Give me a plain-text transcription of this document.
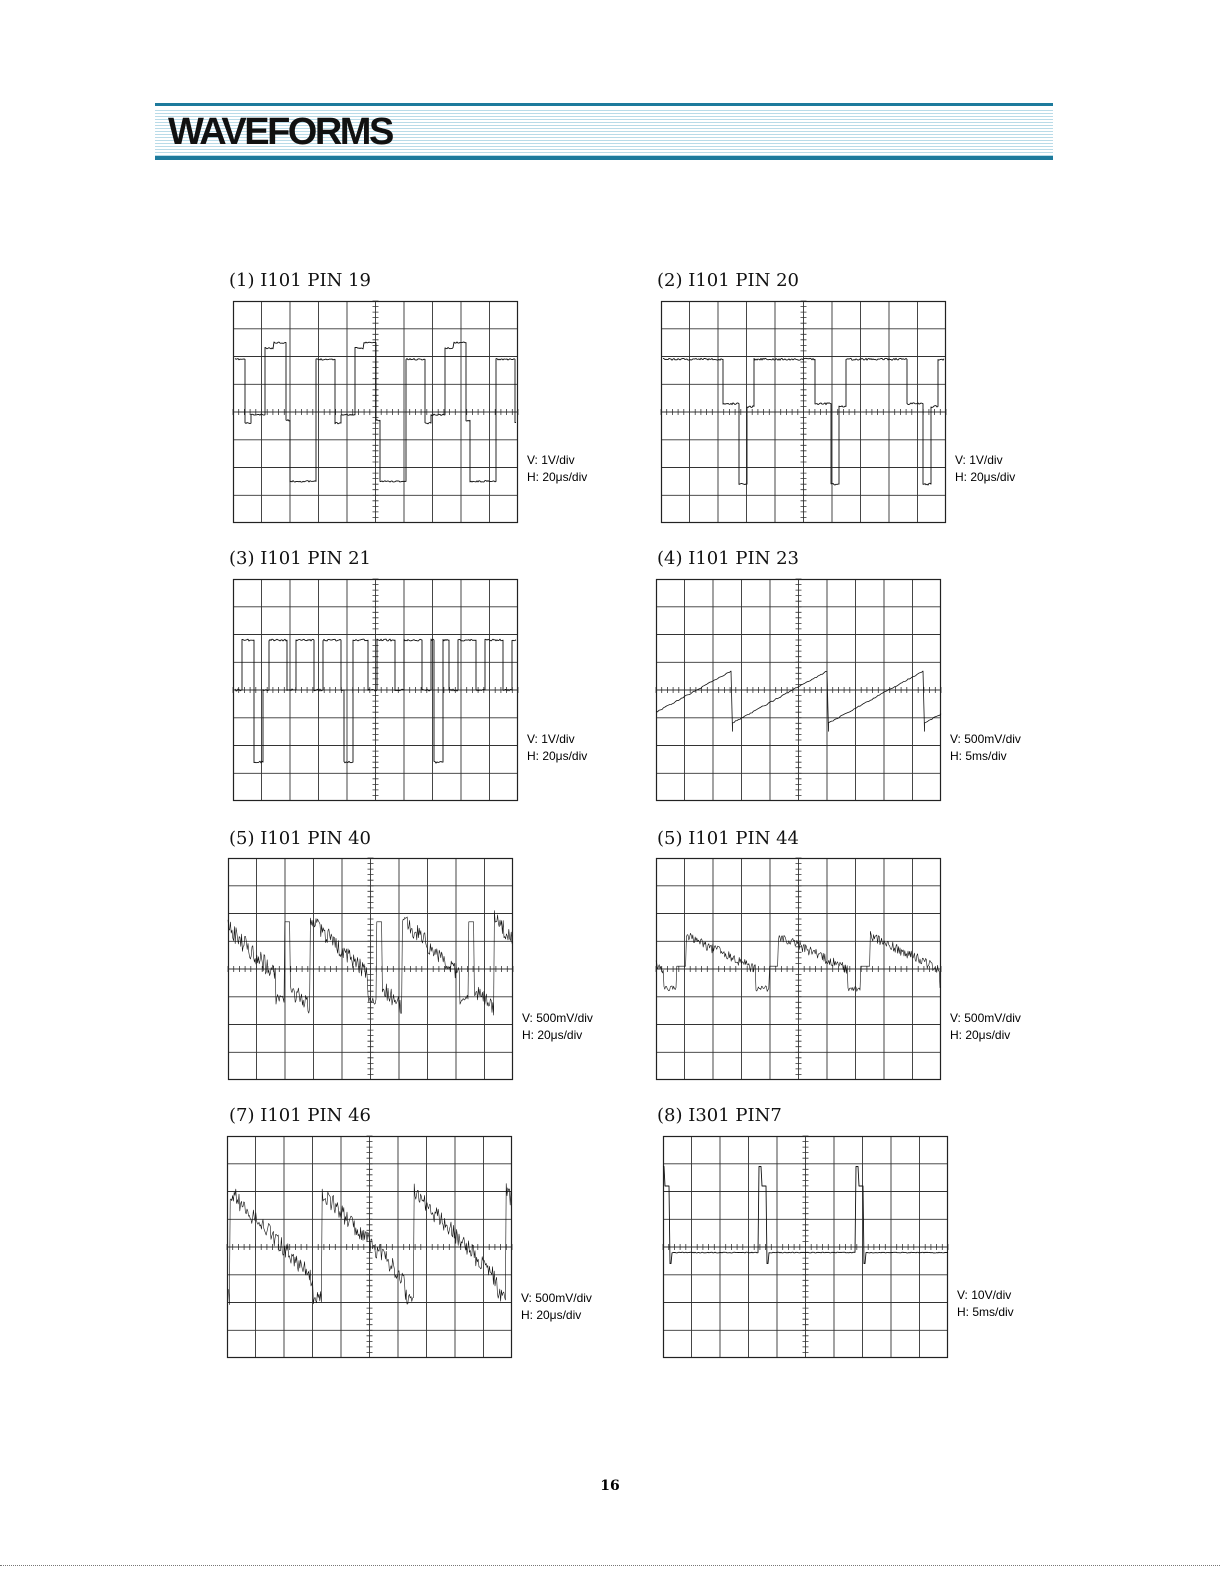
WAVEFORMS
(1) I101 PIN 19
V: 1V/div
H: 20μs/div
(2) I101 PIN 20
V: 1V/div
H: 20μs/div
(3) I101 PIN 21
V: 1V/div
H: 20μs/div
(4) I101 PIN 23
V: 500mV/div
H: 5ms/div
(5) I101 PIN 40
V: 500mV/div
H: 20μs/div
(5) I101 PIN 44
V: 500mV/div
H: 20μs/div
(7) I101 PIN 46
V: 500mV/div
H: 20μs/div
(8) I301 PIN7
V: 10V/div
H: 5ms/div
16
